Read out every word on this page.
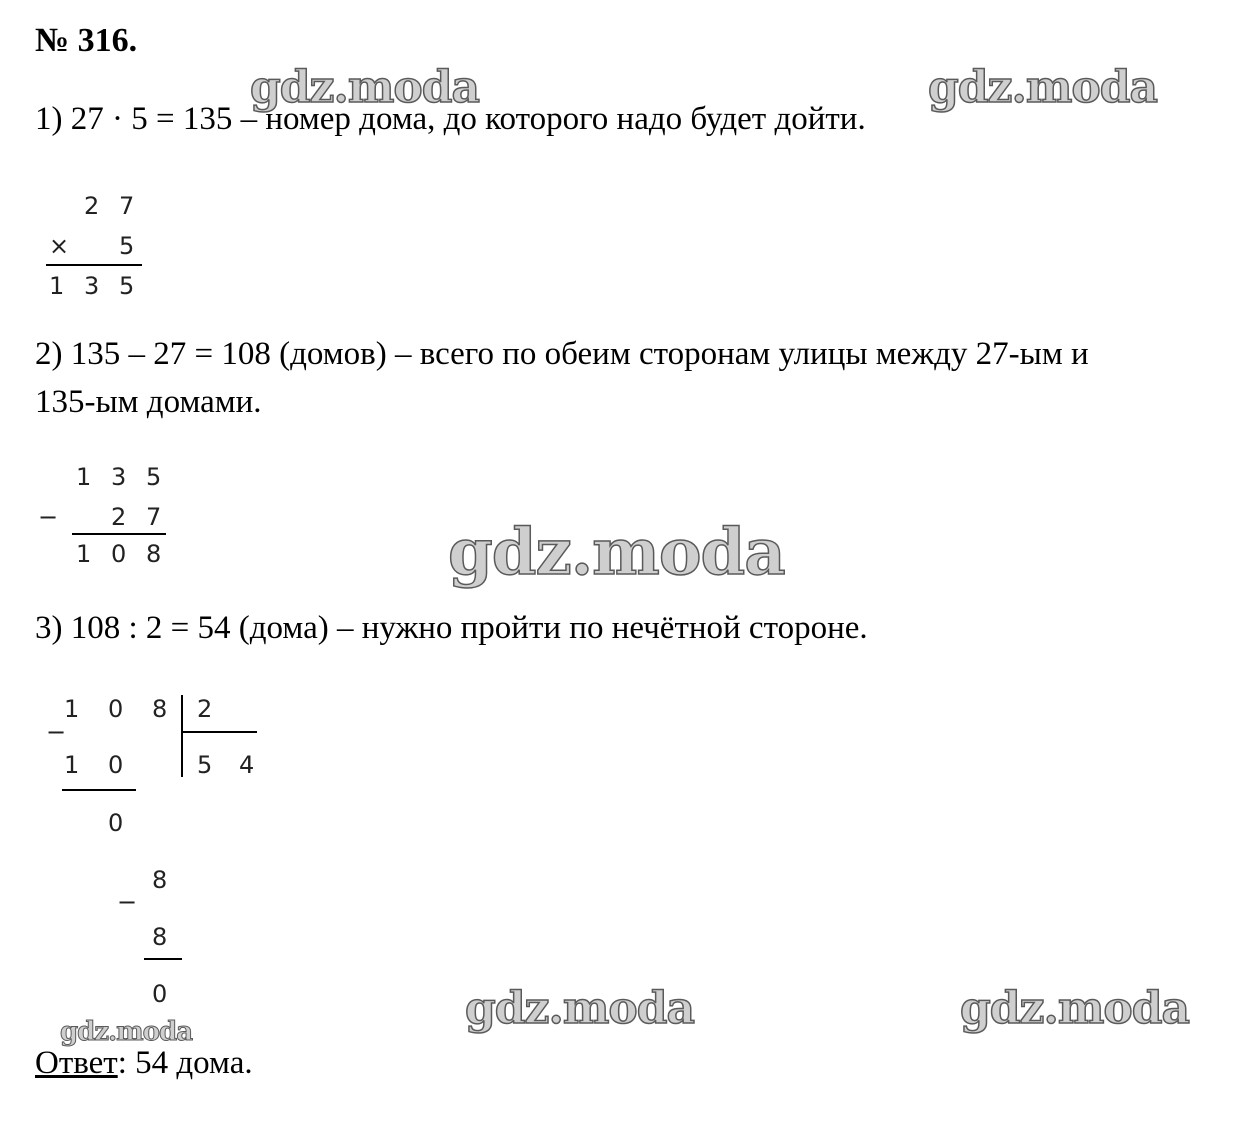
№ 316.
1) 27 · 5 = 135 – номер дома, до которого надо будет дойти.
2 7
× 5
1 3 5
2) 135 – 27 = 108 (домов) – всего по обеим сторонам улицы между 27-ым и
135-ым домами.
1 3 5
− 2 7
1 0 8
3) 108 : 2 = 54 (дома) – нужно пройти по нечётной стороне.
1 0 8 2
−
1 0	5 4
0
−
8
8
0
Ответ: 54 дома.
gdz.moda	gdz.moda
gdz.moda
gdz.moda	gdz.moda
gdz.moda
